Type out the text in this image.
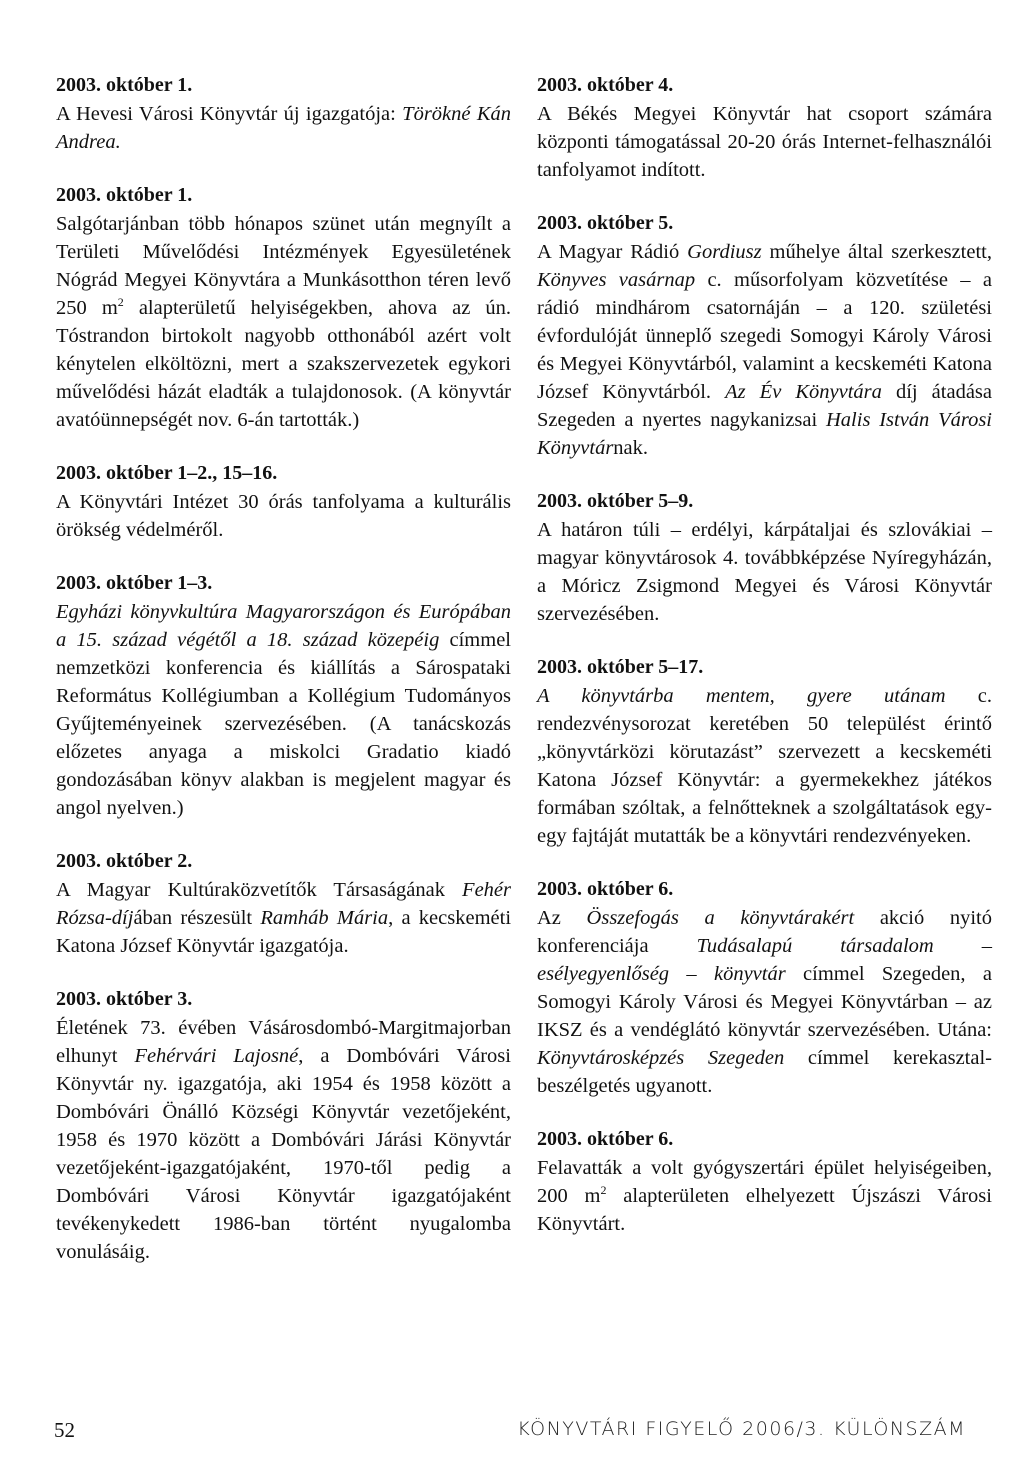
2003. október 1.

A Hevesi Városi Könyvtár új igazgatója: Törökné Kán Andrea.

2003. október 1.

Salgótarjánban több hónapos szünet után megnyílt a Területi Művelődési Intézmények Egyesületének Nógrád Megyei Könyvtára a Munkásotthon téren levő 250 $m^2$ alapterületű helyiségekben, ahova az ún. Tóstrandon birtokolt nagyobb otthonából azért volt kénytelen elköltözni, mert a szakszervezetek egykori művelődési házát eladták a tulajdonosok. (A könyvtár avatóünnepségét nov. 6-án tartották.)

2003. október 1–2., 15–16.

A Könyvtári Intézet 30 órás tanfolyama a kulturális örökség védelméről.

2003. október 1–3.

Egyházi könyvkultúra Magyarországon és Európában a 15. század végétől a 18. század közepéig címmel nemzetközi konferencia és kiállítás a Sárospataki Református Kollégiumban a Kollégium Tudományos Gyűjteményeinek szervezésében. (A tanácskozás előzetes anyaga a miskolci Gradatio kiadó gondozásában könyv alakban is megjelent magyar és angol nyelven.)

2003. október 2.

A Magyar Kultúraközvetítők Társaságának Fehér Rózsa-díjában részesült Ramháb Mária, a kecskeméti Katona József Könyvtár igazgatója.

2003. október 3.

Életének 73. évében Vásárosdombó-Margitmajorban elhunyt Fehérvári Lajosné, a Dombóvári Városi Könyvtár ny. igazgatója, aki 1954 és 1958 között a Dombóvári Önálló Községi Könyvtár vezetőjeként, 1958 és 1970 között a Dombóvári Járási Könyvtár vezetőjeként-igazgatójaként, 1970-től pedig a Dombóvári Városi Könyvtár igazgatójaként tevékenykedett 1986-ban történt nyugalomba vonulásáig.

2003. október 4.

A Békés Megyei Könyvtár hat csoport számára központi támogatással 20-20 órás Internet-felhasználói tanfolyamot indított.

2003. október 5.

A Magyar Rádió Gordiusz műhelye által szerkesztett, Könyves vasárnap c. műsorfolyam közvetítése – a rádió mindhárom csatornáján – a 120. születési évfordulóját ünneplő szegedi Somogyi Károly Városi és Megyei Könyvtárból, valamint a kecskeméti Katona József Könyvtárból. Az Év Könyvtára díj átadása Szegeden a nyertes nagykanizsai Halis István Városi Könyvtárnak.

2003. október 5–9.

A határon túli – erdélyi, kárpátaljai és szlovákiai – magyar könyvtárosok 4. továbbképzése Nyíregyházán, a Móricz Zsigmond Megyei és Városi Könyvtár szervezésében.

2003. október 5–17.

A könyvtárba mentem, gyere utánam c. rendezvénysorozat keretében 50 települést érintő „könyvtárközi körutazást” szervezett a kecskeméti Katona József Könyvtár: a gyermekekhez játékos formában szóltak, a felnőtteknek a szolgáltatások egy-egy fajtáját mutatták be a könyvtári rendezvényeken.

2003. október 6.

Az Összefogás a könyvtárakért akció nyitó konferenciája Tudásalapú társadalom – esélyegyenlőség – könyvtár címmel Szegeden, a Somogyi Károly Városi és Megyei Könyvtárban – az IKSZ és a vendéglátó könyvtár szervezésében. Utána: Könyvtárosképzés Szegeden címmel kerekasztal-beszélgetés ugyanott.

2003. október 6.

Felavatták a volt gyógyszertári épület helyiségeiben, 200 $m^2$ alapterületen elhelyezett Újszászi Városi Könyvtárt.

52	KÖNYVTÁRI FIGYELŐ 2006/3. KÜLÖNSZÁM
